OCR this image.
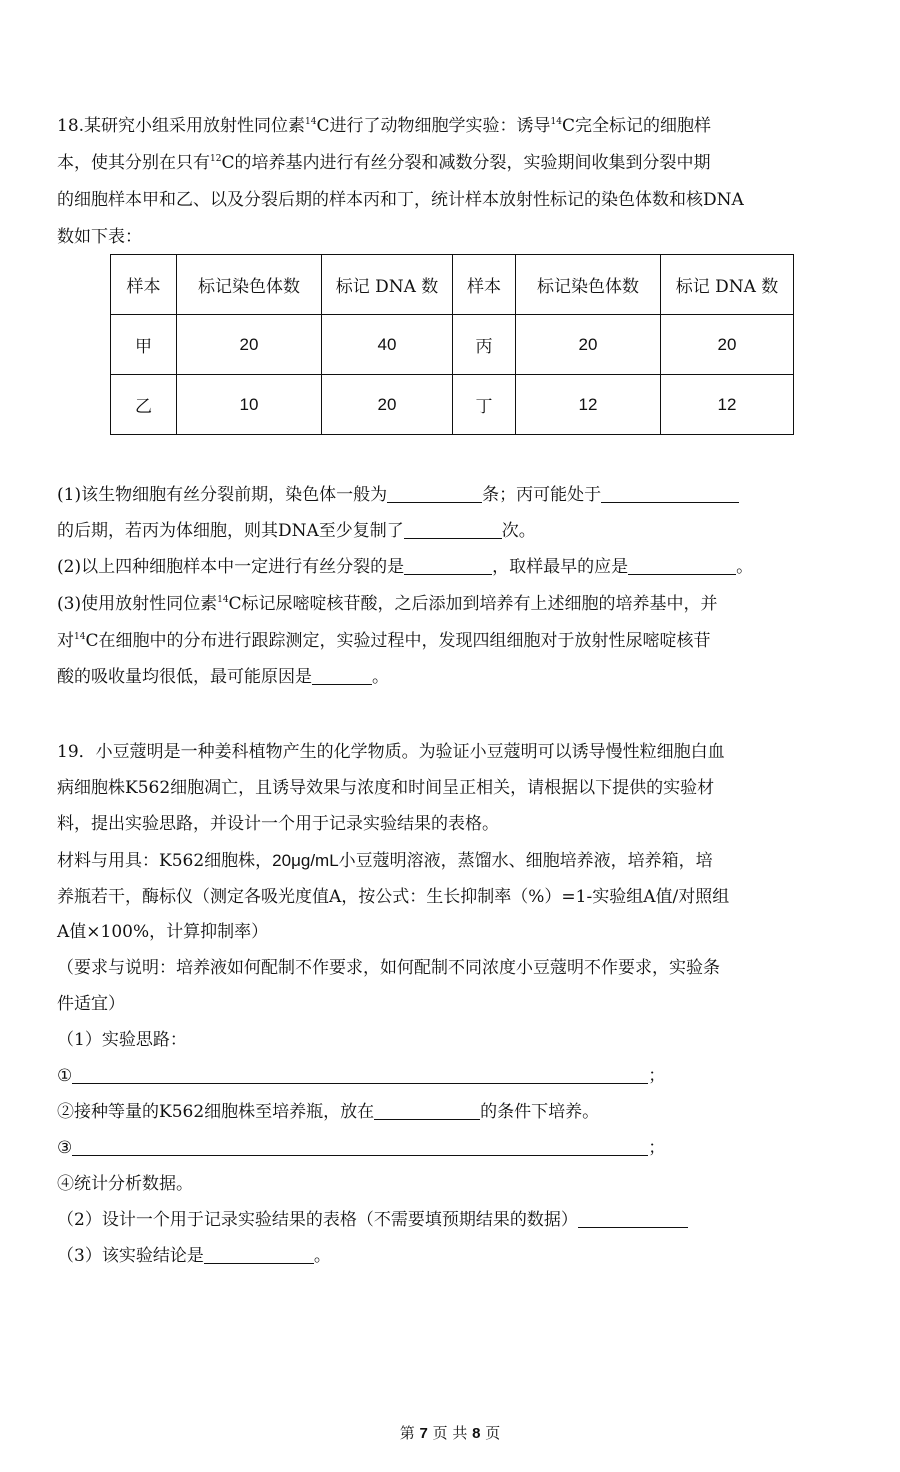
18.某研究小组采用放射性同位素$^{14}$C进行了动物细胞学实验：诱导$^{14}$C完全标记的细胞样
本，使其分别在只有$^{12}$C的培养基内进行有丝分裂和减数分裂，实验期间收集到分裂中期
的细胞样本甲和乙、以及分裂后期的样本丙和丁，统计样本放射性标记的染色体数和核DNA
数如下表：
样本	标记染色体数	标记 DNA 数	样本	标记染色体数	标记 DNA 数
甲	20	40	丙	20	20
乙	10	20	丁	12	12
(1)该生物细胞有丝分裂前期，染色体一般为	条；丙可能处于
的后期，若丙为体细胞，则其DNA至少复制了	次。
(2)以上四种细胞样本中一定进行有丝分裂的是	，取样最早的应是	。
(3)使用放射性同位素$^{14}$C标记尿嘧啶核苷酸，之后添加到培养有上述细胞的培养基中，并
对$^{14}$C在细胞中的分布进行跟踪测定，实验过程中，发现四组细胞对于放射性尿嘧啶核苷
酸的吸收量均很低，最可能原因是	。
19．小豆蔻明是一种姜科植物产生的化学物质。为验证小豆蔻明可以诱导慢性粒细胞白血
病细胞株K562细胞凋亡，且诱导效果与浓度和时间呈正相关，请根据以下提供的实验材
料，提出实验思路，并设计一个用于记录实验结果的表格。
材料与用具：K562细胞株，20μg/mL小豆蔻明溶液，蒸馏水、细胞培养液，培养箱，培
养瓶若干，酶标仪（测定各吸光度值A，按公式：生长抑制率（%）=1-实验组A值/对照组
A值×100%，计算抑制率）
（要求与说明：培养液如何配制不作要求，如何配制不同浓度小豆蔻明不作要求，实验条
件适宜）
（1）实验思路：
①	；
②接种等量的K562细胞株至培养瓶，放在	的条件下培养。
③	；
④统计分析数据。
（2）设计一个用于记录实验结果的表格（不需要填预期结果的数据）
（3）该实验结论是	。
第 7 页 共 8 页
